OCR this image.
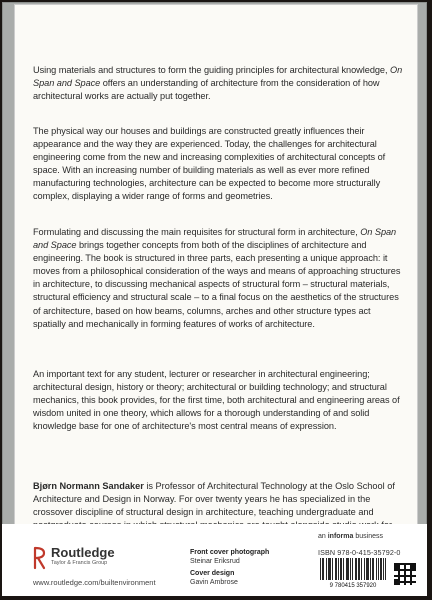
Using materials and structures to form the guiding principles for architectural knowledge, On Span and Space offers an understanding of architecture from the consideration of how architectural works are actually put together.

The physical way our houses and buildings are constructed greatly influences their appearance and the way they are experienced. Today, the challenges for architectural engineering come from the new and increasing complexities of architectural concepts of space. With an increasing number of building materials as well as ever more refined manufacturing technologies, architecture can be expected to become more structurally complex, displaying a wider range of forms and geometries.

Formulating and discussing the main requisites for structural form in architecture, On Span and Space brings together concepts from both of the disciplines of architecture and engineering. The book is structured in three parts, each presenting a unique approach: it moves from a philosophical consideration of the ways and means of approaching structures in architecture, to discussing mechanical aspects of structural form – structural materials, structural efficiency and structural scale – to a final focus on the aesthetics of the structures of architecture, based on how beams, columns, arches and other structure types act spatially and mechanically in forming features of works of architecture.

An important text for any student, lecturer or researcher in architectural engineering; architectural design, history or theory; architectural or building technology; and structural mechanics, this book provides, for the first time, both architectural and engineering areas of wisdom united in one theory, which allows for a thorough understanding of and solid knowledge base for one of architecture's most central means of expression.

Bjørn Normann Sandaker is Professor of Architectural Technology at the Oslo School of Architecture and Design in Norway. For over twenty years he has specialized in the crossover discipline of structural design in architecture, teaching undergraduate and

Routledge
Taylor & Francis Group
www.routledge.com/builtenvironment
Front cover photograph
Steinar Eriksrud
Cover design
Gavin Ambrose
an informa business
ISBN 978-0-415-35792-0
9 780415 357920
